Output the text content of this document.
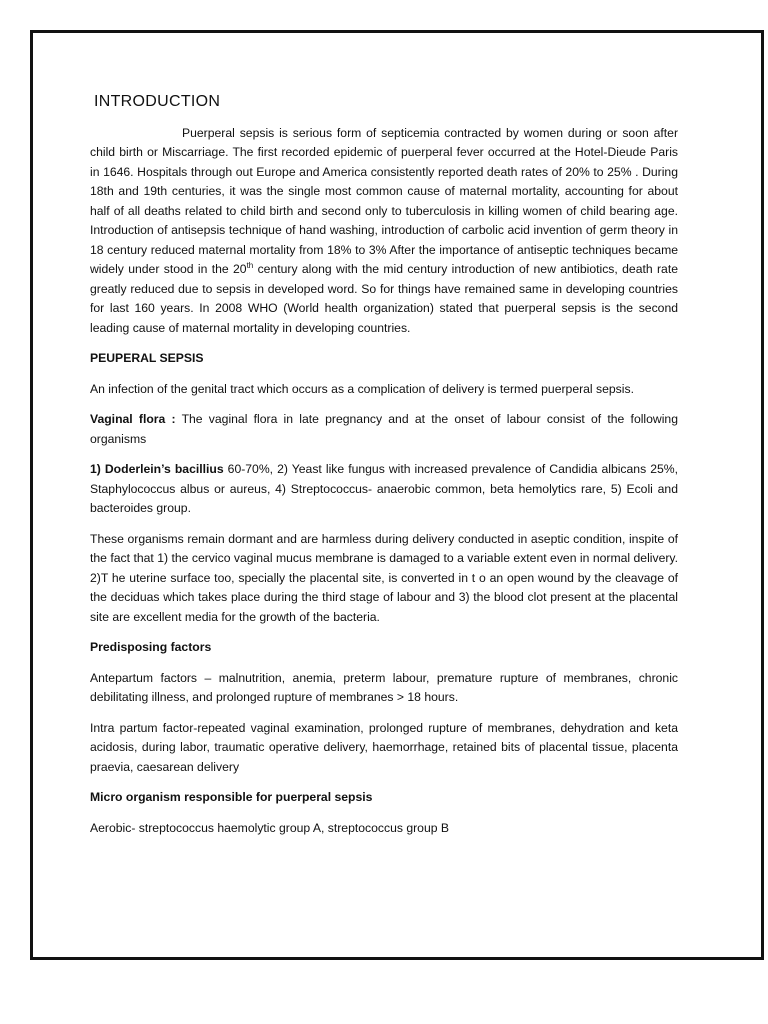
INTRODUCTION

Puerperal sepsis is serious form of septicemia contracted by women during or soon after child birth or Miscarriage. The first recorded epidemic of puerperal fever occurred at the Hotel-Dieude Paris in 1646. Hospitals through out Europe and America consistently reported death rates of 20% to 25% . During 18th and 19th centuries, it was the single most common cause of maternal mortality, accounting for about half of all deaths related to child birth and second only to tuberculosis in killing women of child bearing age. Introduction of antisepsis technique of hand washing, introduction of carbolic acid invention of germ theory in 18 century reduced maternal mortality from 18% to 3% After the importance of antiseptic techniques became widely under stood in the 20th century along with the mid century introduction of new antibiotics, death rate greatly reduced due to sepsis in developed word. So for things have remained same in developing countries for last 160 years. In 2008 WHO (World health organization) stated that puerperal sepsis is the second leading cause of maternal mortality in developing countries.

PEUPERAL SEPSIS

An infection of the genital tract which occurs as a complication of delivery is termed puerperal sepsis.

Vaginal flora : The vaginal flora in late pregnancy and at the onset of labour consist of the following organisms

1) Doderlein’s bacillius 60-70%, 2) Yeast like fungus with increased prevalence of Candidia albicans 25%, Staphylococcus albus or aureus, 4) Streptococcus- anaerobic common, beta hemolytics rare, 5) Ecoli and bacteroides group.

These organisms remain dormant and are harmless during delivery conducted in aseptic condition, inspite of the fact that 1) the cervico vaginal mucus membrane is damaged to a variable extent even in normal delivery. 2)T he uterine surface too, specially the placental site, is converted in t o an open wound by the cleavage of the deciduas which takes place during the third stage of labour and 3) the blood clot present at the placental site are excellent media for the growth of the bacteria.

Predisposing factors

Antepartum factors – malnutrition, anemia, preterm labour, premature rupture of membranes, chronic debilitating illness, and prolonged rupture of membranes > 18 hours.

Intra partum factor-repeated vaginal examination, prolonged rupture of membranes, dehydration and keta acidosis, during labor, traumatic operative delivery, haemorrhage, retained bits of placental tissue, placenta praevia, caesarean delivery

Micro organism responsible for puerperal sepsis

Aerobic- streptococcus haemolytic group A, streptococcus group B
